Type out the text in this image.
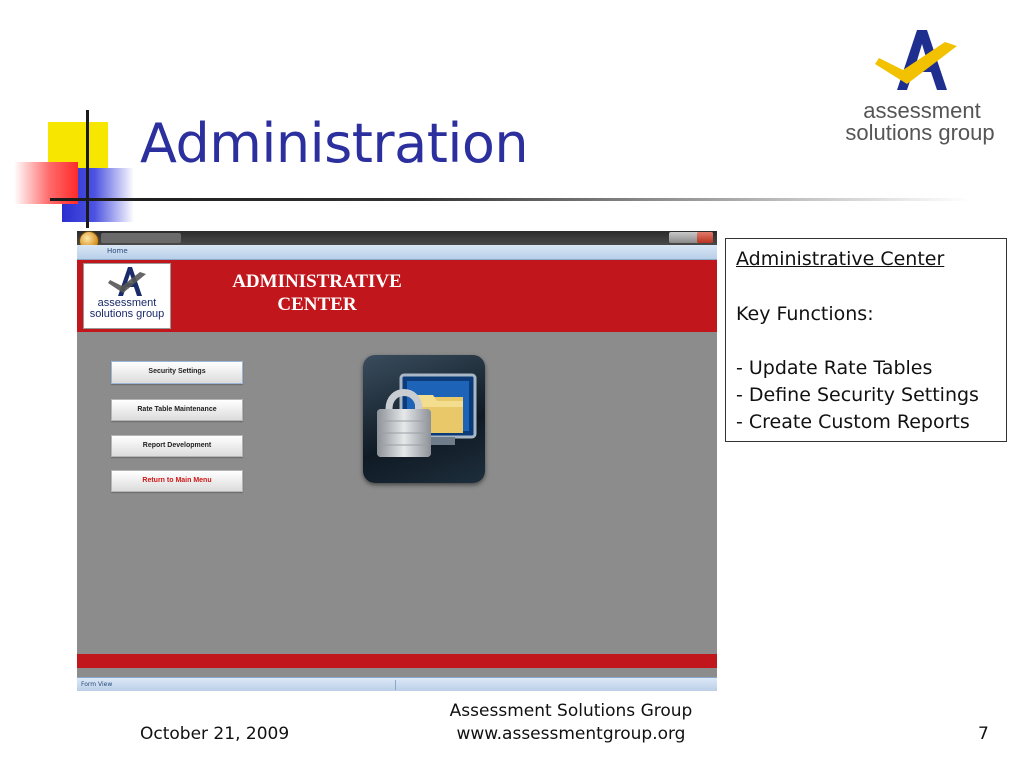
Administration
assessment
solutions group
Home
assessment
solutions group
ADMINISTRATIVE
CENTER
Security Settings
Rate Table Maintenance
Report Development
Return to Main Menu
Form View
Administrative Center
Key Functions:
- Update Rate Tables
- Define Security Settings
- Create Custom Reports
October 21, 2009
Assessment Solutions Group
www.assessmentgroup.org	7
